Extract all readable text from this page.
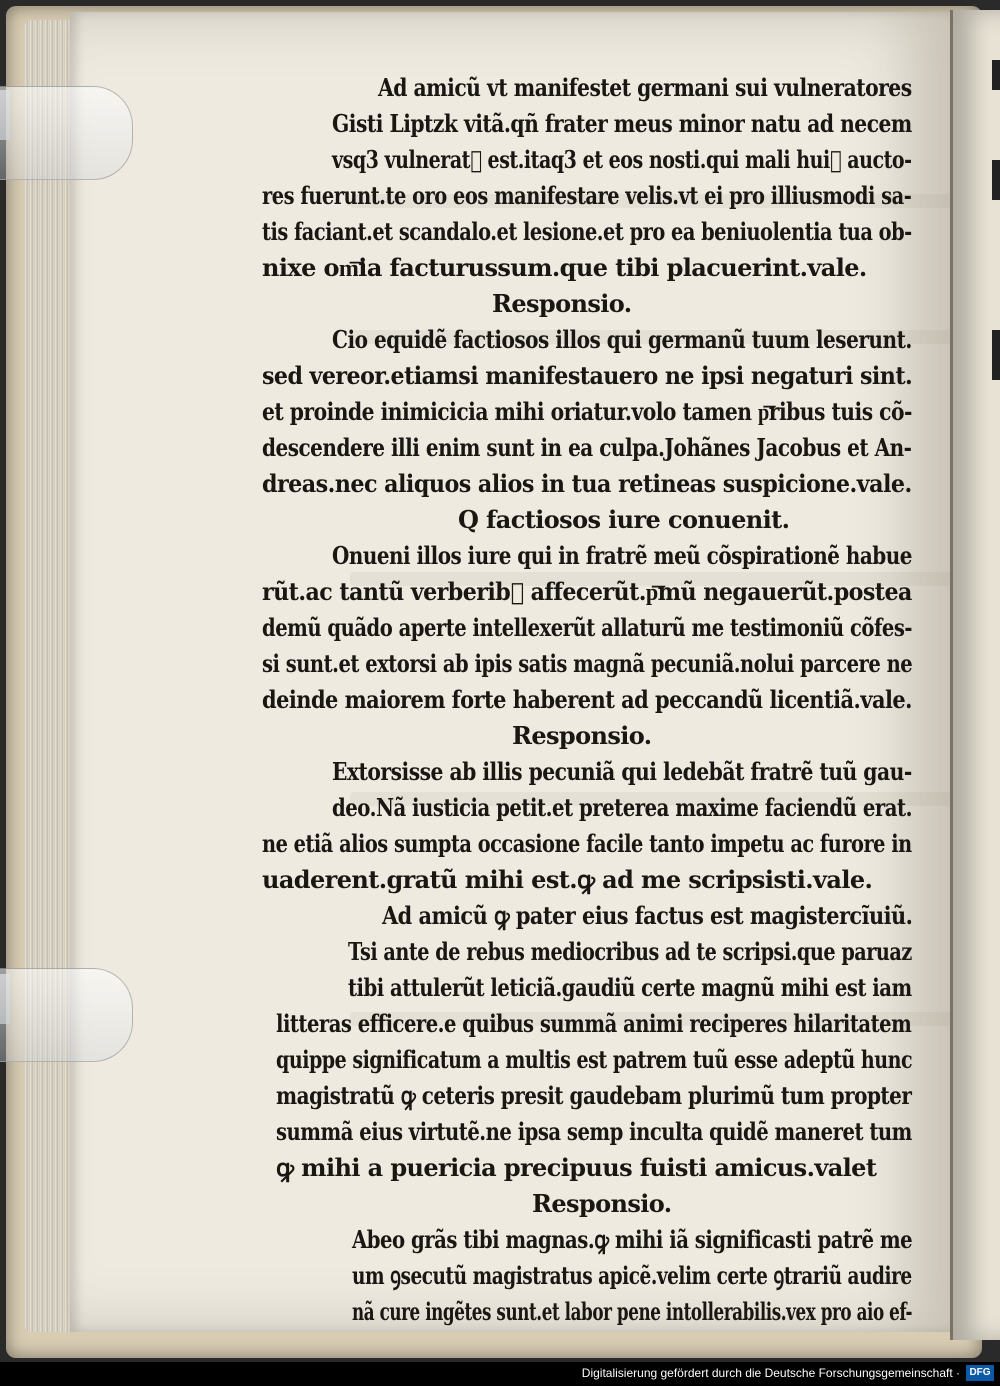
Ad amicũ vt manifestet germani sui vulneratores
Gisti Liptzk vitã.qñ frater meus minor natu ad necem
vsq3 vulnerat᷒ est.itaq3 et eos nosti.qui mali hui᷒ aucto-
res fuerunt.te oro eos manifestare velis.vt ei pro illiusmodi sa-
tis faciant.et scandalo.et lesione.et pro ea beniuolentia tua ob-
nixe om͞ia facturussum.que tibi placuerint.vale.
Responsio.
Cio equidẽ factiosos illos qui germanũ tuum leserunt.
sed vereor.etiamsi manifestauero ne ipsi negaturi sint.
et proinde inimicicia mihi oriatur.volo tamen p͞ribus tuis cõ-
descendere illi enim sunt in ea culpa.Johãnes Jacobus et An-
dreas.nec aliquos alios in tua retineas suspicione.vale.
Q factiosos iure conuenit.
Onueni illos iure qui in fratrẽ meũ cõspirationẽ habue
rũt.ac tantũ verberib᷒ affecerũt.p͞mũ negauerũt.postea
demũ quãdo aperte intellexerũt allaturũ me testimoniũ cõfes-
si sunt.et extorsi ab ipis satis magnã pecuniã.nolui parcere ne
deinde maiorem forte haberent ad peccandũ licentiã.vale.
Responsio.
Extorsisse ab illis pecuniã qui ledebãt fratrẽ tuũ gau-
deo.Nã iusticia petit.et preterea maxime faciendũ erat.
ne etiã alios sumpta occasione facile tanto impetu ac furore in
uaderent.gratũ mihi est.ꝙ ad me scripsisti.vale.
Ad amicũ ꝙ pater eius factus est magistercĩuiũ.
Tsi ante de rebus mediocribus ad te scripsi.que paruaz
tibi attulerũt leticiã.gaudiũ certe magnũ mihi est iam
litteras efficere.e quibus summã animi reciperes hilaritatem
quippe significatum a multis est patrem tuũ esse adeptũ hunc
magistratũ ꝙ ceteris presit gaudebam plurimũ tum propter
summã eius virtutẽ.ne ipsa semp inculta quidẽ maneret tum
ꝙ mihi a puericia precipuus fuisti amicus.valet
Responsio.
Abeo grãs tibi magnas.ꝙ mihi iã significasti patrẽ me
um ꝯsecutũ magistratus apicẽ.velim certe ꝯtrariũ audire
nã cure ingẽtes sunt.et labor pene intollerabilis.vex pro aio ef-
Digitalisierung gefördert durch die Deutsche Forschungsgemeinschaft · DFG
